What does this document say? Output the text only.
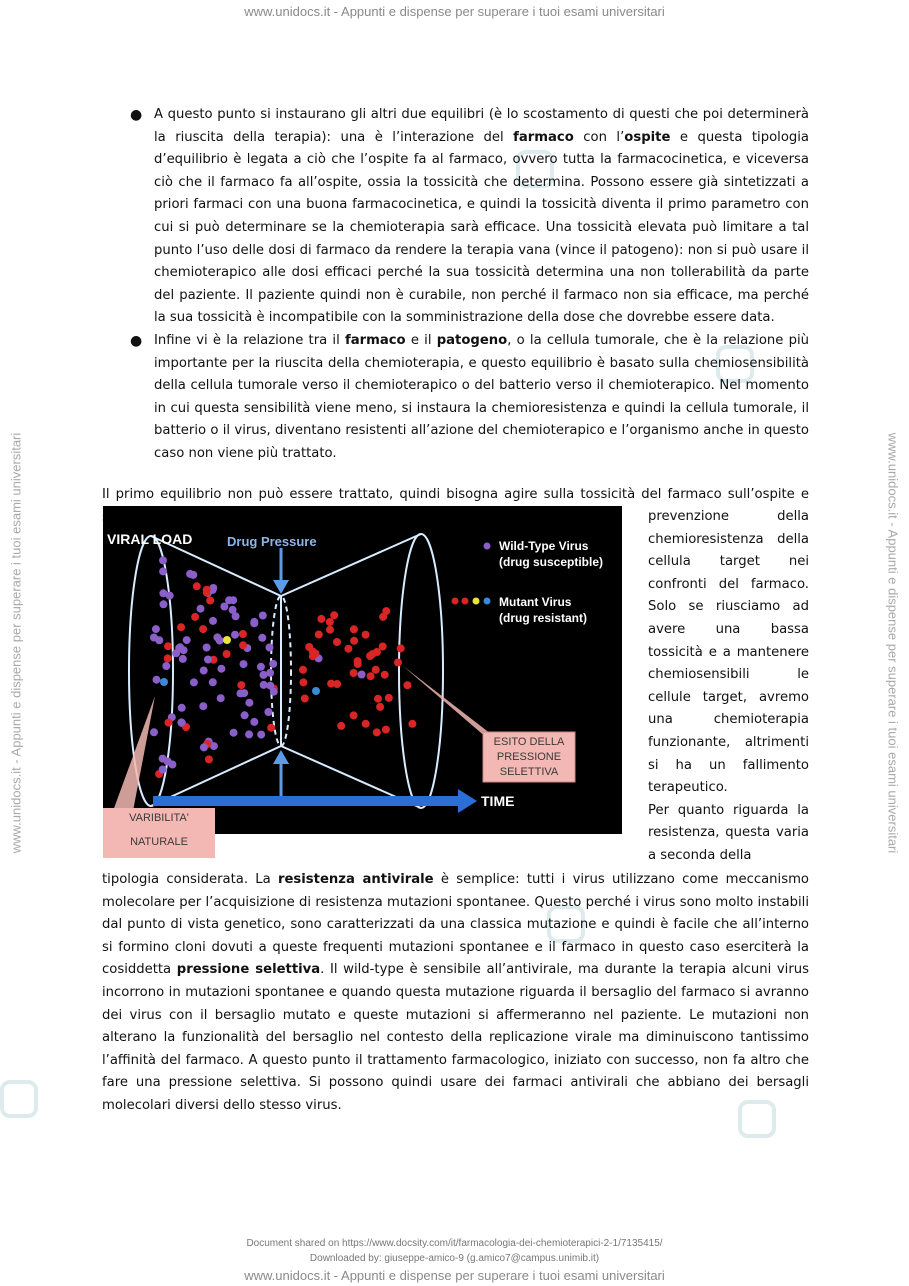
www.unidocs.it - Appunti e dispense per superare i tuoi esami universitari
www.unidocs.it - Appunti e dispense per superare i tuoi esami universitari
www.unidocs.it - Appunti e dispense per superare i tuoi esami universitari	www.unidocs.it - Appunti e dispense per superare i tuoi esami universitari
● A questo punto si instaurano gli altri due equilibri (è lo scostamento di questi che poi determinerà la riuscita della terapia): una è l’interazione del farmaco con l’ospite e questa tipologia d’equilibrio è legata a ciò che l’ospite fa al farmaco, ovvero tutta la farmacocinetica, e viceversa ciò che il farmaco fa all’ospite, ossia la tossicità che determina. Possono essere già sintetizzati a priori farmaci con una buona farmacocinetica, e quindi la tossicità diventa il primo parametro con cui si può determinare se la chemioterapia sarà efficace. Una tossicità elevata può limitare a tal punto l’uso delle dosi di farmaco da rendere la terapia vana (vince il patogeno): non si può usare il chemioterapico alle dosi efficaci perché la sua tossicità determina una non tollerabilità da parte del paziente. Il paziente quindi non è curabile, non perché il farmaco non sia efficace, ma perché la sua tossicità è incompatibile con la somministrazione della dose che dovrebbe essere data.
● Infine vi è la relazione tra il farmaco e il patogeno, o la cellula tumorale, che è la relazione più importante per la riuscita della chemioterapia, e questo equilibrio è basato sulla chemiosensibilità della cellula tumorale verso il chemioterapico o del batterio verso il chemioterapico. Nel momento in cui questa sensibilità viene meno, si instaura la chemioresistenza e quindi la cellula tumorale, il batterio o il virus, diventano resistenti all’azione del chemioterapico e l’organismo anche in questo caso non viene più trattato.
Il primo equilibrio non può essere trattato, quindi bisogna agire sulla tossicità del farmaco sull’ospite e
VIRAL LOAD	Drug Pressure	Wild-Type Virus
(drug susceptible)
Mutant Virus
(drug resistant)
TIME
ESITO DELLA
PRESSIONE
SELETTIVA
VARIBILITA'
NATURALE

prevenzione della chemioresistenza della cellula target nei confronti del farmaco. Solo se riusciamo ad avere una bassa tossicità e a mantenere chemiosensibili le cellule target, avremo una chemioterapia funzionante, altrimenti si ha un fallimento terapeutico.

Per quanto riguarda la resistenza, questa varia a seconda della

tipologia considerata. La resistenza antivirale è semplice: tutti i virus utilizzano come meccanismo molecolare per l’acquisizione di resistenza mutazioni spontanee. Questo perché i virus sono molto instabili dal punto di vista genetico, sono caratterizzati da una classica mutazione e quindi è facile che all’interno si formino cloni dovuti a queste frequenti mutazioni spontanee e il farmaco in questo caso eserciterà la cosiddetta pressione selettiva. Il wild-type è sensibile all’antivirale, ma durante la terapia alcuni virus incorrono in mutazioni spontanee e quando questa mutazione riguarda il bersaglio del farmaco si avranno dei virus con il bersaglio mutato e queste mutazioni si affermeranno nel paziente. Le mutazioni non alterano la funzionalità del bersaglio nel contesto della replicazione virale ma diminuiscono tantissimo l’affinità del farmaco. A questo punto il trattamento farmacologico, iniziato con successo, non fa altro che fare una pressione selettiva. Si possono quindi usare dei farmaci antivirali che abbiano dei bersagli molecolari diversi dello stesso virus.
Document shared on https://www.docsity.com/it/farmacologia-dei-chemioterapici-2-1/7135415/
Downloaded by: giuseppe-amico-9 (g.amico7@campus.unimib.it)
